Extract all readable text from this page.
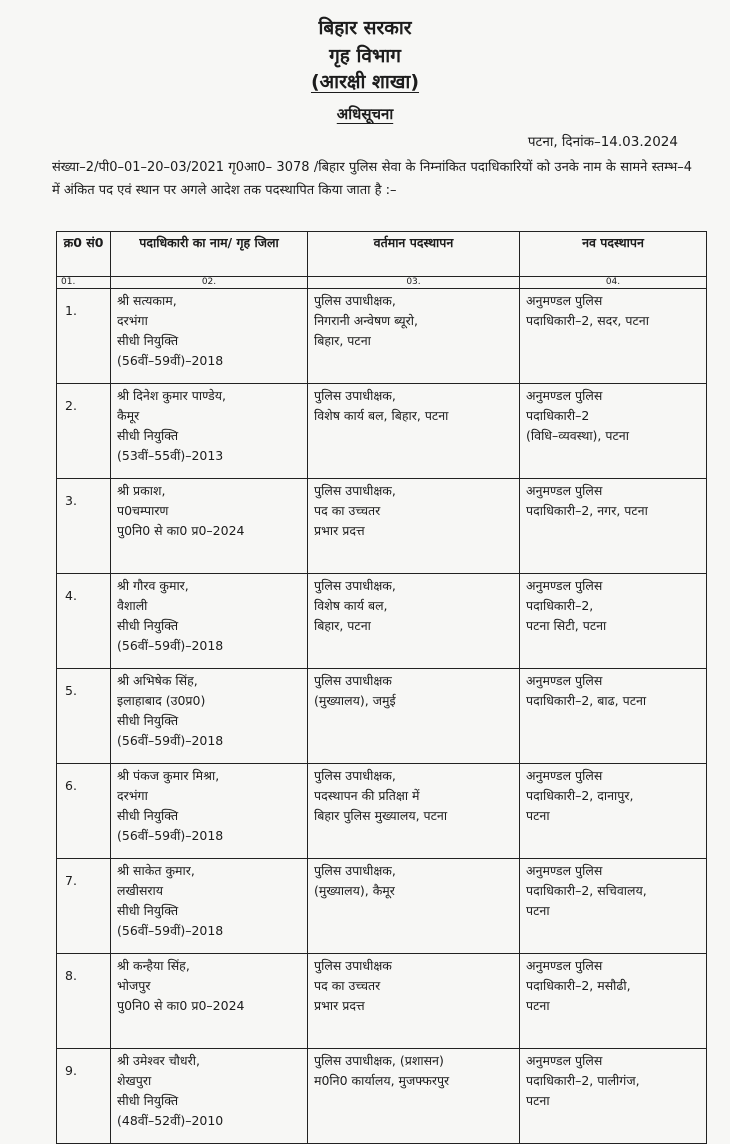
बिहार सरकार
गृह विभाग
(आरक्षी शाखा)
अधिसूचना
पटना, दिनांक–14.03.2024
संख्या–2/पी0–01–20–03/2021 गृ0आ0– 3078 /बिहार पुलिस सेवा के निम्नांकित पदाधिकारियों को उनके नाम के सामने स्तम्भ–4 में अंकित पद एवं स्थान पर अगले आदेश तक पदस्थापित किया जाता है :–
क्र0 सं0	पदाधिकारी का नाम/ गृह जिला	वर्तमान पदस्थापन	नव पदस्थापन
01.	02.	03.	04.
1.	श्री सत्यकाम,
दरभंगा
सीधी नियुक्ति
(56वीं–59वीं)–2018	पुलिस उपाधीक्षक,
निगरानी अन्वेषण ब्यूरो,
बिहार, पटना	अनुमण्डल पुलिस
पदाधिकारी–2, सदर, पटना

2.	श्री दिनेश कुमार पाण्डेय,
कैमूर
सीधी नियुक्ति
(53वीं–55वीं)–2013	पुलिस उपाधीक्षक,
विशेष कार्य बल, बिहार, पटना	अनुमण्डल पुलिस
पदाधिकारी–2
(विधि–व्यवस्था), पटना

3.	श्री प्रकाश,
प0चम्पारण
पु0नि0 से का0 प्र0–2024	पुलिस उपाधीक्षक,
पद का उच्चतर
प्रभार प्रदत्त	अनुमण्डल पुलिस
पदाधिकारी–2, नगर, पटना

4.	श्री गौरव कुमार,
वैशाली
सीधी नियुक्ति
(56वीं–59वीं)–2018	पुलिस उपाधीक्षक,
विशेष कार्य बल,
बिहार, पटना	अनुमण्डल पुलिस
पदाधिकारी–2,
पटना सिटी, पटना

5.	श्री अभिषेक सिंह,
इलाहाबाद (उ0प्र0)
सीधी नियुक्ति
(56वीं–59वीं)–2018	पुलिस उपाधीक्षक
(मुख्यालय), जमुई	अनुमण्डल पुलिस
पदाधिकारी–2, बाढ, पटना

6.	श्री पंकज कुमार मिश्रा,
दरभंगा
सीधी नियुक्ति
(56वीं–59वीं)–2018	पुलिस उपाधीक्षक,
पदस्थापन की प्रतिक्षा में
बिहार पुलिस मुख्यालय, पटना	अनुमण्डल पुलिस
पदाधिकारी–2, दानापुर,
पटना

7.	श्री साकेत कुमार,
लखीसराय
सीधी नियुक्ति
(56वीं–59वीं)–2018	पुलिस उपाधीक्षक,
(मुख्यालय), कैमूर	अनुमण्डल पुलिस
पदाधिकारी–2, सचिवालय,
पटना

8.	श्री कन्हैया सिंह,
भोजपुर
पु0नि0 से का0 प्र0–2024	पुलिस उपाधीक्षक
पद का उच्चतर
प्रभार प्रदत्त	अनुमण्डल पुलिस
पदाधिकारी–2, मसौढी,
पटना

9.	श्री उमेश्वर चौधरी,
शेखपुरा
सीधी नियुक्ति
(48वीं–52वीं)–2010	पुलिस उपाधीक्षक, (प्रशासन)
म0नि0 कार्यालय, मुजफ्फरपुर	अनुमण्डल पुलिस
पदाधिकारी–2, पालीगंज,
पटना
